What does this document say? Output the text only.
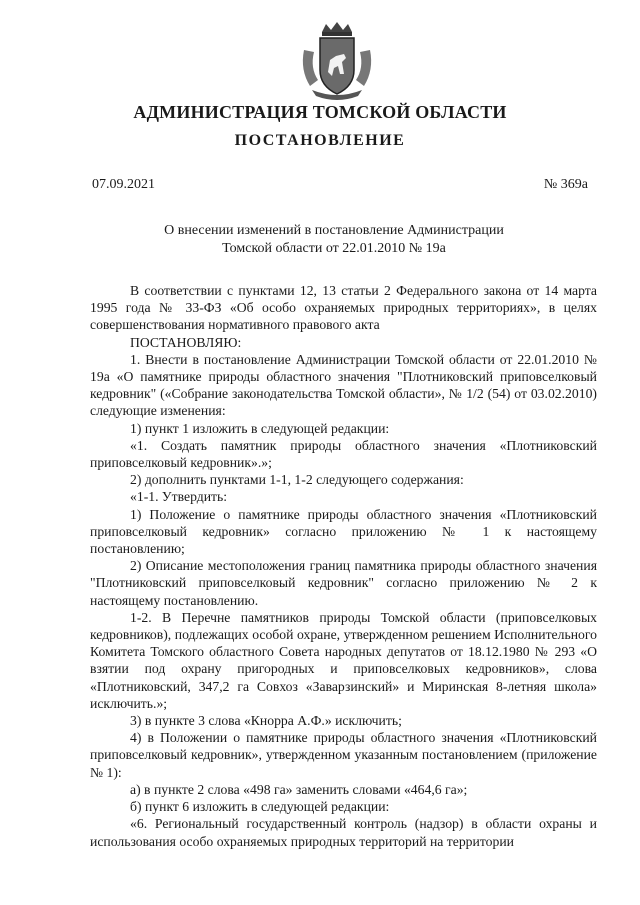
АДМИНИСТРАЦИЯ ТОМСКОЙ ОБЛАСТИ
ПОСТАНОВЛЕНИЕ
07.09.2021	№ 369а
О внесении изменений в постановление Администрации
Томской области от 22.01.2010 № 19а

В соответствии с пунктами 12, 13 статьи 2 Федерального закона от 14 марта 1995 года № 33-ФЗ «Об особо охраняемых природных территориях», в целях совершенствования нормативного правового акта

ПОСТАНОВЛЯЮ:

1. Внести в постановление Администрации Томской области от 22.01.2010 № 19а «О памятнике природы областного значения "Плотниковский приповселковый кедровник" («Собрание законодательства Томской области», № 1/2 (54) от 03.02.2010) следующие изменения:

1) пункт 1 изложить в следующей редакции:

«1. Создать памятник природы областного значения «Плотниковский приповселковый кедровник».»;

2) дополнить пунктами 1-1, 1-2 следующего содержания:

«1-1. Утвердить:

1) Положение о памятнике природы областного значения «Плотниковский приповселковый кедровник» согласно приложению № 1 к настоящему постановлению;

2) Описание местоположения границ памятника природы областного значения "Плотниковский приповселковый кедровник" согласно приложению № 2 к настоящему постановлению.

1-2. В Перечне памятников природы Томской области (приповселковых кедровников), подлежащих особой охране, утвержденном решением Исполнительного Комитета Томского областного Совета народных депутатов от 18.12.1980 № 293 «О взятии под охрану пригородных и приповселковых кедровников», слова «Плотниковский, 347,2 га Совхоз «Заварзинский» и Миринская 8-летняя школа» исключить.»;

3) в пункте 3 слова «Кнорра А.Ф.» исключить;

4) в Положении о памятнике природы областного значения «Плотниковский приповселковый кедровник», утвержденном указанным постановлением (приложение № 1):

а) в пункте 2 слова «498 га» заменить словами «464,6 га»;

б) пункт 6 изложить в следующей редакции:

«6. Региональный государственный контроль (надзор) в области охраны и использования особо охраняемых природных территорий на территории
